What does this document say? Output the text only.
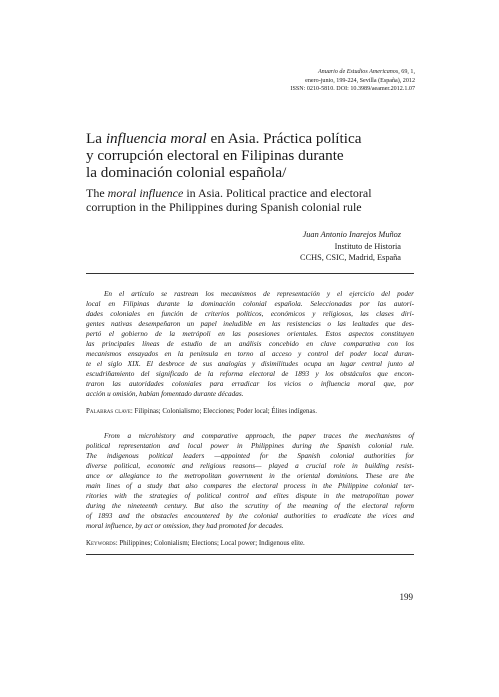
Anuario de Estudios Americanos, 69, 1,
enero-junio, 199-224, Sevilla (España), 2012
ISSN: 0210-5810. DOI: 10.3989/aeamer.2012.1.07
La influencia moral en Asia. Práctica política
y corrupción electoral en Filipinas durante
la dominación colonial española/
The moral influence in Asia. Political practice and electoral
corruption in the Philippines during Spanish colonial rule
Juan Antonio Inarejos Muñoz
Instituto de Historia
CCHS, CSIC, Madrid, España
En el artículo se rastrean los mecanismos de representación y el ejercicio del poder
local en Filipinas durante la dominación colonial española. Seleccionadas por las autori-
dades coloniales en función de criterios políticos, económicos y religiosos, las clases diri-
gentes nativas desempeñaron un papel ineludible en las resistencias o las lealtades que des-
pertó el gobierno de la metrópoli en las posesiones orientales. Estos aspectos constituyen
las principales líneas de estudio de un análisis concebido en clave comparativa con los
mecanismos ensayados en la península en torno al acceso y control del poder local duran-
te el siglo XIX. El desbroce de sus analogías y disimilitudes ocupa un lugar central junto al
escudriñamiento del significado de la reforma electoral de 1893 y los obstáculos que encon-
traron las autoridades coloniales para erradicar los vicios o influencia moral que, por
acción u omisión, habían fomentado durante décadas.
Palabras clave: Filipinas; Colonialismo; Elecciones; Poder local; Élites indígenas.
From a microhistory and comparative approach, the paper traces the mechanisms of
political representation and local power in Philippines during the Spanish colonial rule.
The indigenous political leaders —appointed for the Spanish colonial authorities for
diverse political, economic and religious reasons— played a crucial role in building resist-
ance or allegiance to the metropolitan government in the oriental dominions. These are the
main lines of a study that also compares the electoral process in the Philippine colonial ter-
ritories with the strategies of political control and elites dispute in the metropolitan power
during the nineteenth century. But also the scrutiny of the meaning of the electoral reform
of 1893 and the obstacles encountered by the colonial authorities to eradicate the vices and
moral influence, by act or omission, they had promoted for decades.
Keywords: Philippines; Colonialism; Elections; Local power; Indigenous elite.
199
